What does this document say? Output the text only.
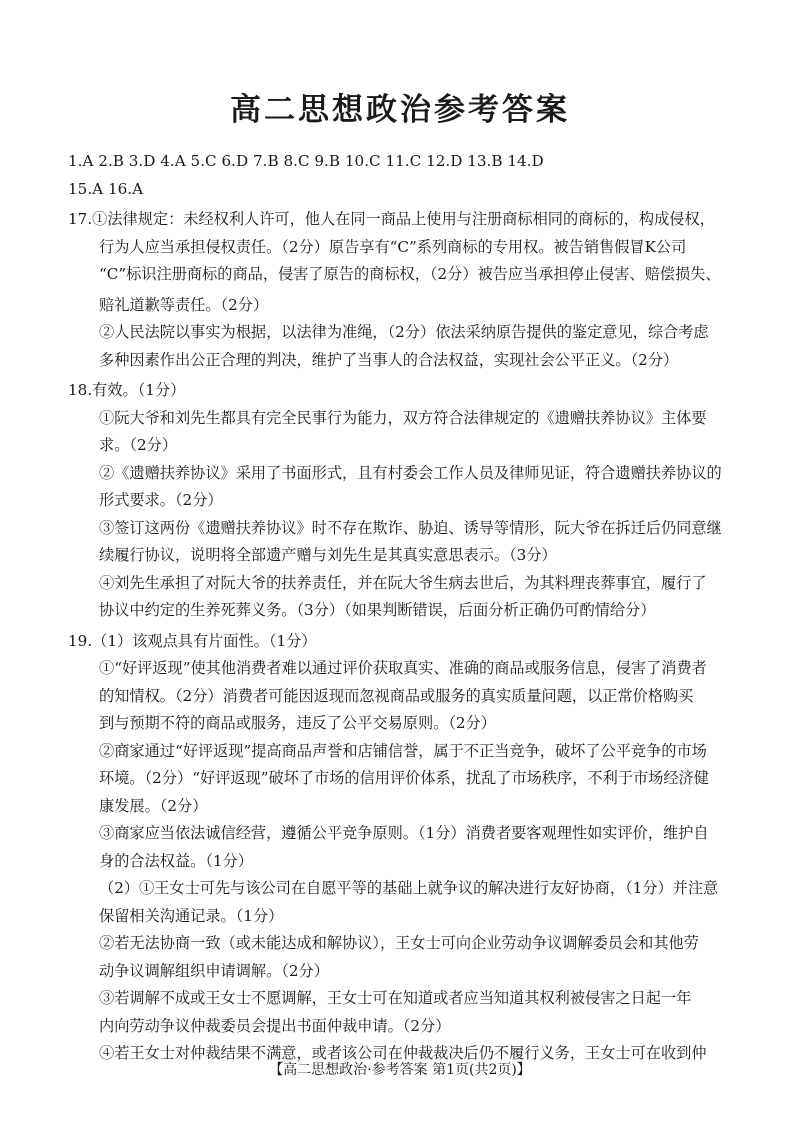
高二思想政治参考答案
1.A 2.B 3.D 4.A 5.C 6.D 7.B 8.C 9.B 10.C 11.C 12.D 13.B 14.D
15.A 16.A
17.①法律规定：未经权利人许可，他人在同一商品上使用与注册商标相同的商标的，构成侵权，
行为人应当承担侵权责任。（2分）原告享有“C”系列商标的专用权。被告销售假冒K公司
“C”标识注册商标的商品，侵害了原告的商标权，（2分）被告应当承担停止侵害、赔偿损失、
赔礼道歉等责任。（2分）
②人民法院以事实为根据，以法律为准绳，（2分）依法采纳原告提供的鉴定意见，综合考虑
多种因素作出公正合理的判决，维护了当事人的合法权益，实现社会公平正义。（2分）
18.有效。（1分）
①阮大爷和刘先生都具有完全民事行为能力，双方符合法律规定的《遗赠扶养协议》主体要
求。（2分）
②《遗赠扶养协议》采用了书面形式，且有村委会工作人员及律师见证，符合遗赠扶养协议的
形式要求。（2分）
③签订这两份《遗赠扶养协议》时不存在欺诈、胁迫、诱导等情形，阮大爷在拆迁后仍同意继
续履行协议，说明将全部遗产赠与刘先生是其真实意思表示。（3分）
④刘先生承担了对阮大爷的扶养责任，并在阮大爷生病去世后，为其料理丧葬事宜，履行了
协议中约定的生养死葬义务。（3分）（如果判断错误，后面分析正确仍可酌情给分）
19.（1）该观点具有片面性。（1分）
①“好评返现”使其他消费者难以通过评价获取真实、准确的商品或服务信息，侵害了消费者
的知情权。（2分）消费者可能因返现而忽视商品或服务的真实质量问题，以正常价格购买
到与预期不符的商品或服务，违反了公平交易原则。（2分）
②商家通过“好评返现”提高商品声誉和店铺信誉，属于不正当竞争，破坏了公平竞争的市场
环境。（2分）“好评返现”破坏了市场的信用评价体系，扰乱了市场秩序，不利于市场经济健
康发展。（2分）
③商家应当依法诚信经营，遵循公平竞争原则。（1分）消费者要客观理性如实评价，维护自
身的合法权益。（1分）
（2）①王女士可先与该公司在自愿平等的基础上就争议的解决进行友好协商，（1分）并注意
保留相关沟通记录。（1分）
②若无法协商一致（或未能达成和解协议），王女士可向企业劳动争议调解委员会和其他劳
动争议调解组织申请调解。（2分）
③若调解不成或王女士不愿调解，王女士可在知道或者应当知道其权利被侵害之日起一年
内向劳动争议仲裁委员会提出书面仲裁申请。（2分）
④若王女士对仲裁结果不满意，或者该公司在仲裁裁决后仍不履行义务，王女士可在收到仲
【高二思想政治·参考答案 第1页(共2页)】
